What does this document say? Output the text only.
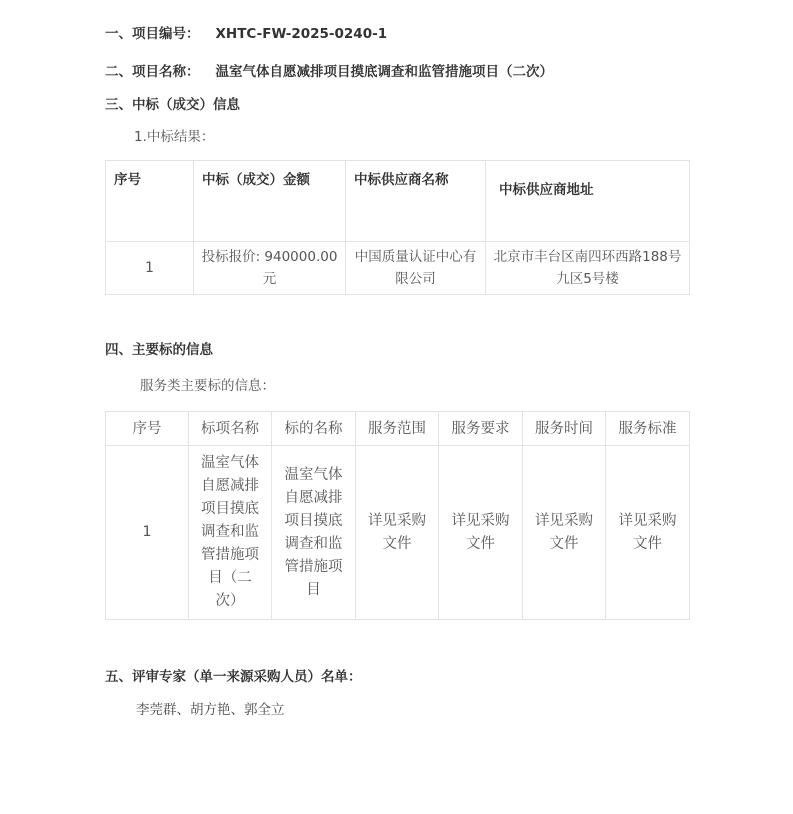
一、项目编号： XHTC-FW-2025-0240-1
二、项目名称： 温室气体自愿减排项目摸底调查和监管措施项目（二次）
三、中标（成交）信息
1.中标结果：
序号	中标（成交）金额	中标供应商名称	中标供应商地址

1	投标报价: 940000.00元	中国质量认证中心有限公司	北京市丰台区南四环西路188号九区5号楼
四、主要标的信息
服务类主要标的信息：
序号	标项名称	标的名称	服务范围	服务要求	服务时间	服务标准
1	温室气体自愿减排项目摸底调查和监管措施项目（二次）	温室气体自愿减排项目摸底调查和监管措施项目	详见采购文件	详见采购文件	详见采购文件	详见采购文件
五、评审专家（单一来源采购人员）名单：
李莞群、胡方艳、郭全立
